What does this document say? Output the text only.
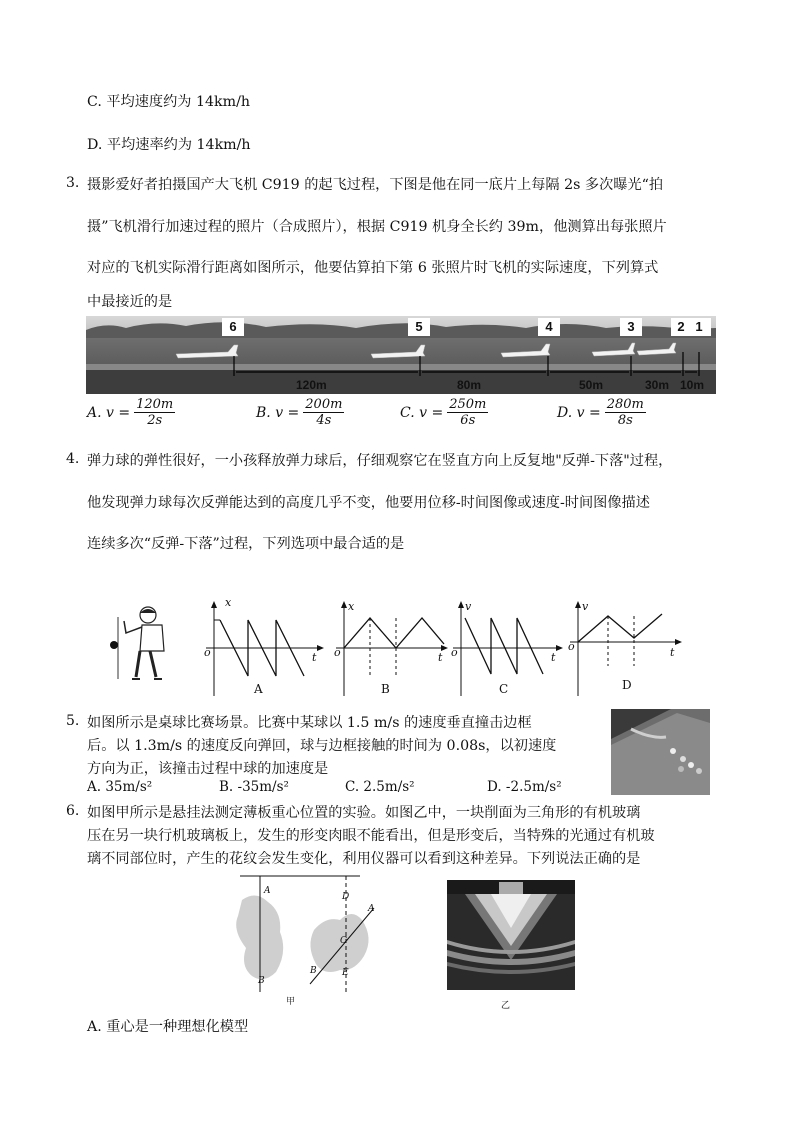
C. 平均速度约为 14km/h
D. 平均速率约为 14km/h
3. 摄影爱好者拍摄国产大飞机 C919 的起飞过程，下图是他在同一底片上每隔 2s 多次曝光“拍
摄”飞机滑行加速过程的照片（合成照片），根据 C919 机身全长约 39m，他测算出每张照片
对应的飞机实际滑行距离如图所示，他要估算拍下第 6 张照片时飞机的实际速度，下列算式
中最接近的是
6	5	4	3	2 1
120m	80m	50m	30m 10m
A. $v = \frac{120m}{2s}$	B. $v = \frac{200m}{4s}$	C. $v = \frac{250m}{6s}$	D. $v = \frac{280m}{8s}$
4. 弹力球的弹性很好，一小孩释放弹力球后，仔细观察它在竖直方向上反复地"反弹-下落"过程，
他发现弹力球每次反弹能达到的高度几乎不变，他要用位移-时间图像或速度-时间图像描述
连续多次“反弹-下落”过程，下列选项中最合适的是
x
o	t
A
x
o	t
B
v
o	t
C
v
o	t
D
5. 如图所示是桌球比赛场景。比赛中某球以 1.5 m/s 的速度垂直撞击边框
后。以 1.3m/s 的速度反向弹回，球与边框接触的时间为 0.08s，以初速度
方向为正，该撞击过程中球的加速度是
A. 35m/s²	B. -35m/s²	C. 2.5m/s²	D. -2.5m/s²
6. 如图甲所示是悬挂法测定薄板重心位置的实验。如图乙中，一块削面为三角形的有机玻璃
压在另一块行机玻璃板上，发生的形变肉眼不能看出，但是形变后，当特殊的光通过有机玻
璃不同部位时，产生的花纹会发生变化，利用仪器可以看到这种差异。下列说法正确的是
A
B
D
A
C
B	E
甲	乙
A. 重心是一种理想化模型
